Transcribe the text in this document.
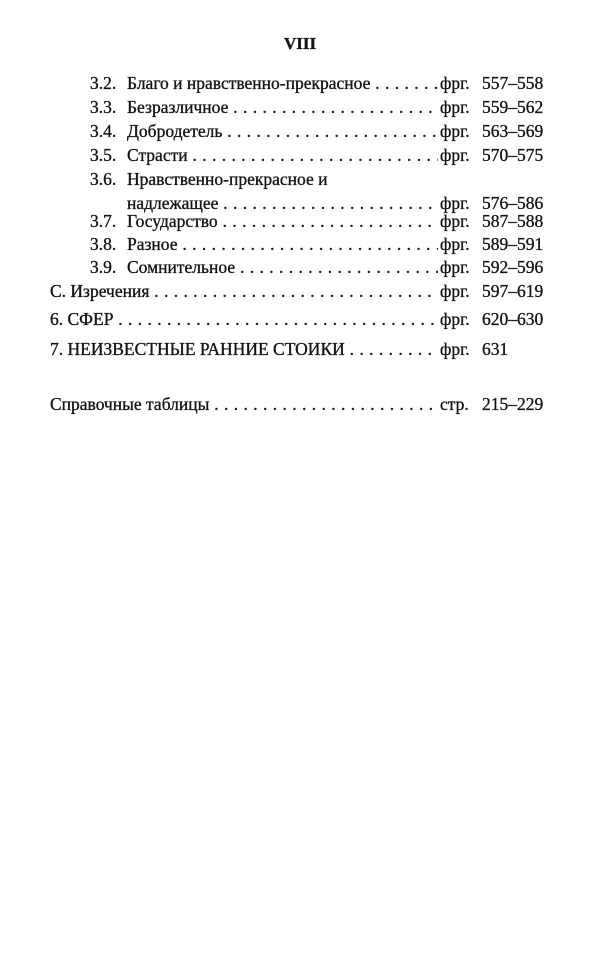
VIII
3.2. Благо и нравственно-прекрасное . . .	фрг. 557–558
3.3. Безразличное . . .	фрг. 559–562
3.4. Добродетель . . .	фрг. 563–569
3.5. Страсти . . .	фрг. 570–575
3.6. Нравственно-прекрасное и
надлежащее . . .	фрг. 576–586
3.7. Государство . . .	фрг. 587–588
3.8. Разное . . .	фрг. 589–591
3.9. Сомнительное . . .	фрг. 592–596
С. Изречения . . .	фрг. 597–619
6. СФЕР . . .	фрг. 620–630
7. НЕИЗВЕСТНЫЕ РАННИЕ СТОИКИ . . .	фрг. 631
Справочные таблицы . . .	стр. 215–229
